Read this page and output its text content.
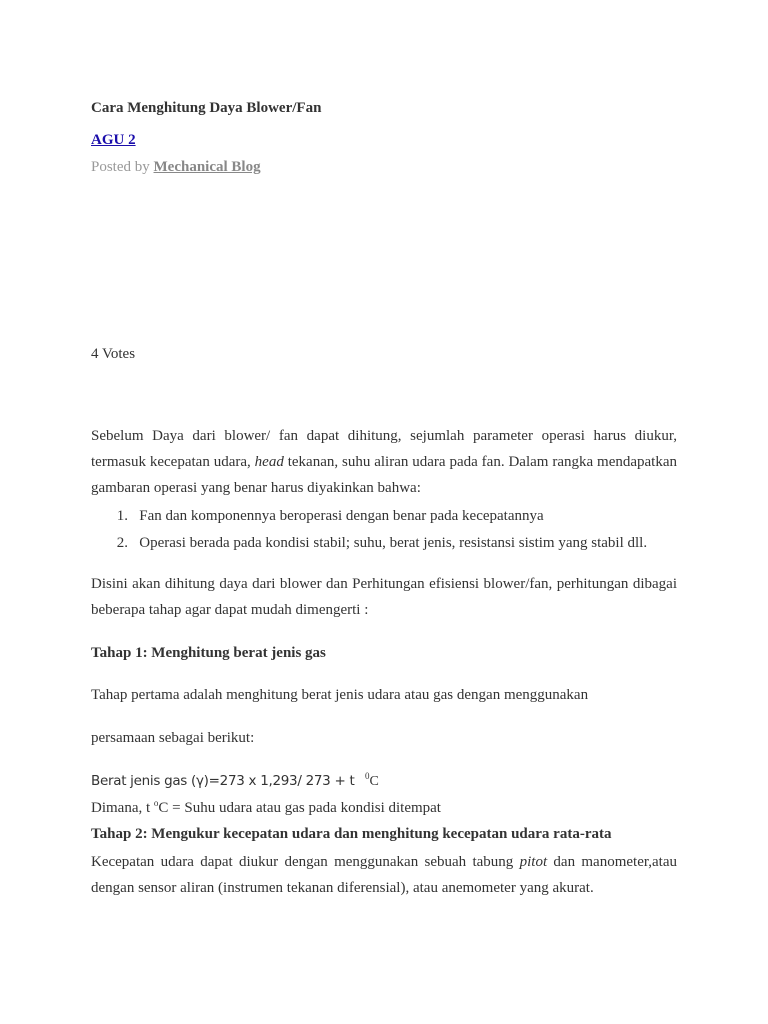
Cara Menghitung Daya Blower/Fan
AGU 2
Posted by Mechanical Blog
4 Votes
Sebelum Daya dari blower/ fan dapat dihitung, sejumlah parameter operasi harus diukur, termasuk kecepatan udara, head tekanan, suhu aliran udara pada fan. Dalam rangka mendapatkan gambaran operasi yang benar harus diyakinkan bahwa:
1. Fan dan komponennya beroperasi dengan benar pada kecepatannya
2. Operasi berada pada kondisi stabil; suhu, berat jenis, resistansi sistim yang stabil dll.
Disini akan dihitung daya dari blower dan Perhitungan efisiensi blower/fan, perhitungan dibagai beberapa tahap agar dapat mudah dimengerti :
Tahap 1: Menghitung berat jenis gas
Tahap pertama adalah menghitung berat jenis udara atau gas dengan menggunakan
persamaan sebagai berikut:
Berat jenis gas (γ)=273 x 1,293/ 273 + t $^0$C
Dimana, t $^o$C = Suhu udara atau gas pada kondisi ditempat
Tahap 2: Mengukur kecepatan udara dan menghitung kecepatan udara rata-rata
Kecepatan udara dapat diukur dengan menggunakan sebuah tabung pitot dan manometer,atau dengan sensor aliran (instrumen tekanan diferensial), atau anemometer yang akurat.
